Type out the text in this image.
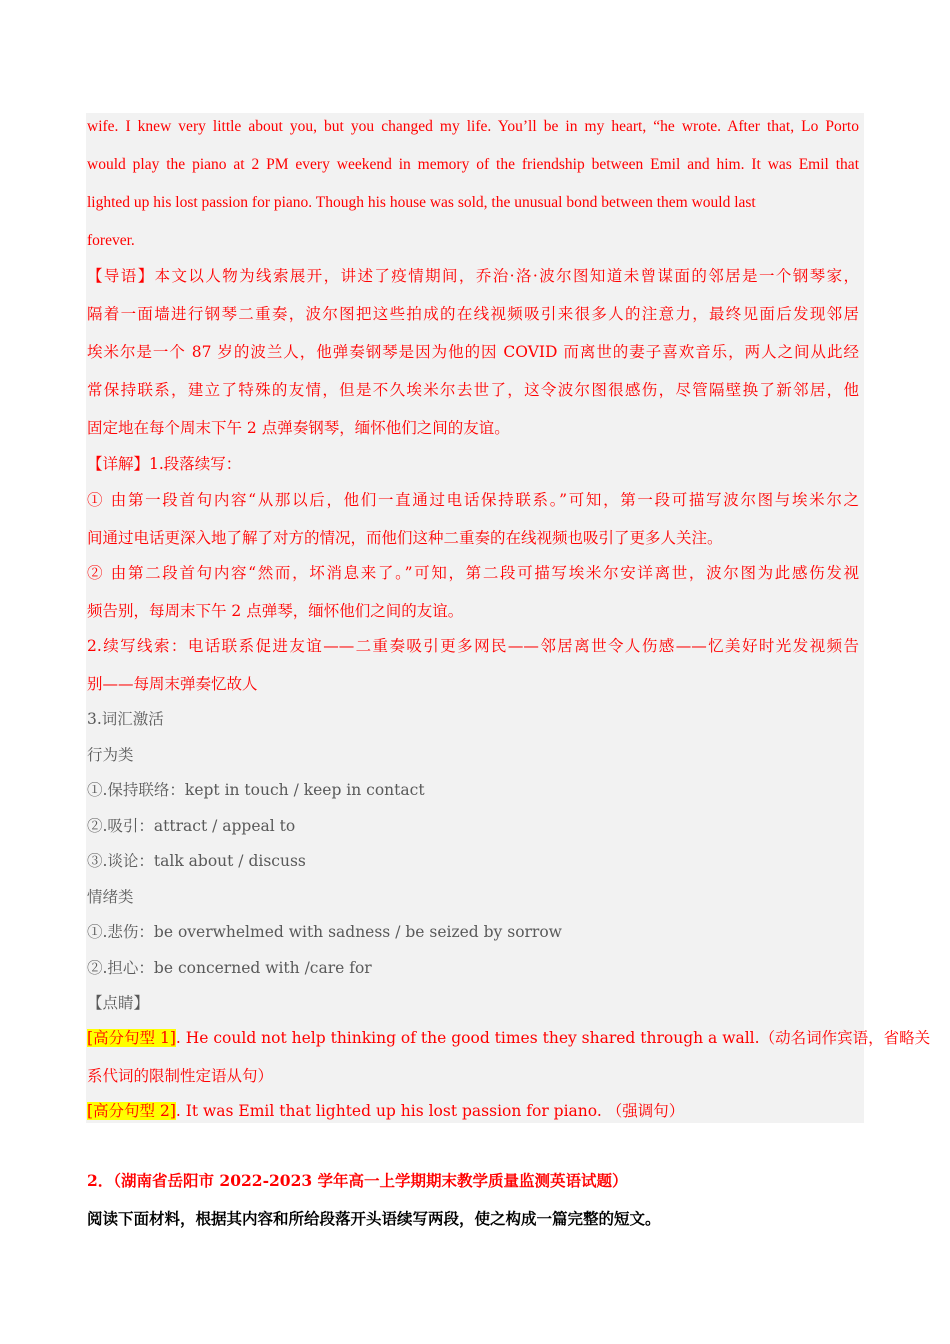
wife. I knew very little about you, but you changed my life. You’ll be in my heart, “he wrote. After that, Lo Porto
would play the piano at 2 PM every weekend in memory of the friendship between Emil and him. It was Emil that
lighted up his lost passion for piano. Though his house was sold, the unusual bond between them would last
forever.
【导语】本文以人物为线索展开，讲述了疫情期间，乔治·洛·波尔图知道未曾谋面的邻居是一个钢琴家，
隔着一面墙进行钢琴二重奏，波尔图把这些拍成的在线视频吸引来很多人的注意力，最终见面后发现邻居
埃米尔是一个 87 岁的波兰人，他弹奏钢琴是因为他的因 COVID 而离世的妻子喜欢音乐，两人之间从此经
常保持联系，建立了特殊的友情，但是不久埃米尔去世了，这令波尔图很感伤，尽管隔壁换了新邻居，他
固定地在每个周末下午 2 点弹奏钢琴，缅怀他们之间的友谊。
【详解】1.段落续写：
① 由第一段首句内容“从那以后，他们一直通过电话保持联系。”可知，第一段可描写波尔图与埃米尔之
间通过电话更深入地了解了对方的情况，而他们这种二重奏的在线视频也吸引了更多人关注。
② 由第二段首句内容“然而，坏消息来了。”可知，第二段可描写埃米尔安详离世，波尔图为此感伤发视
频告别，每周末下午 2 点弹琴，缅怀他们之间的友谊。
2.续写线索：电话联系促进友谊——二重奏吸引更多网民——邻居离世令人伤感——忆美好时光发视频告
别——每周末弹奏忆故人
3.词汇激活
行为类
①.保持联络：kept in touch / keep in contact
②.吸引：attract / appeal to
③.谈论：talk about / discuss
情绪类
①.悲伤：be overwhelmed with sadness / be seized by sorrow
②.担心：be concerned with /care for
【点睛】
[高分句型 1]. He could not help thinking of the good times they shared through a wall.（动名词作宾语，省略关
系代词的限制性定语从句）
[高分句型 2]. It was Emil that lighted up his lost passion for piano. （强调句）
2．（湖南省岳阳市 2022-2023 学年高一上学期期末教学质量监测英语试题）
阅读下面材料，根据其内容和所给段落开头语续写两段，使之构成一篇完整的短文。
